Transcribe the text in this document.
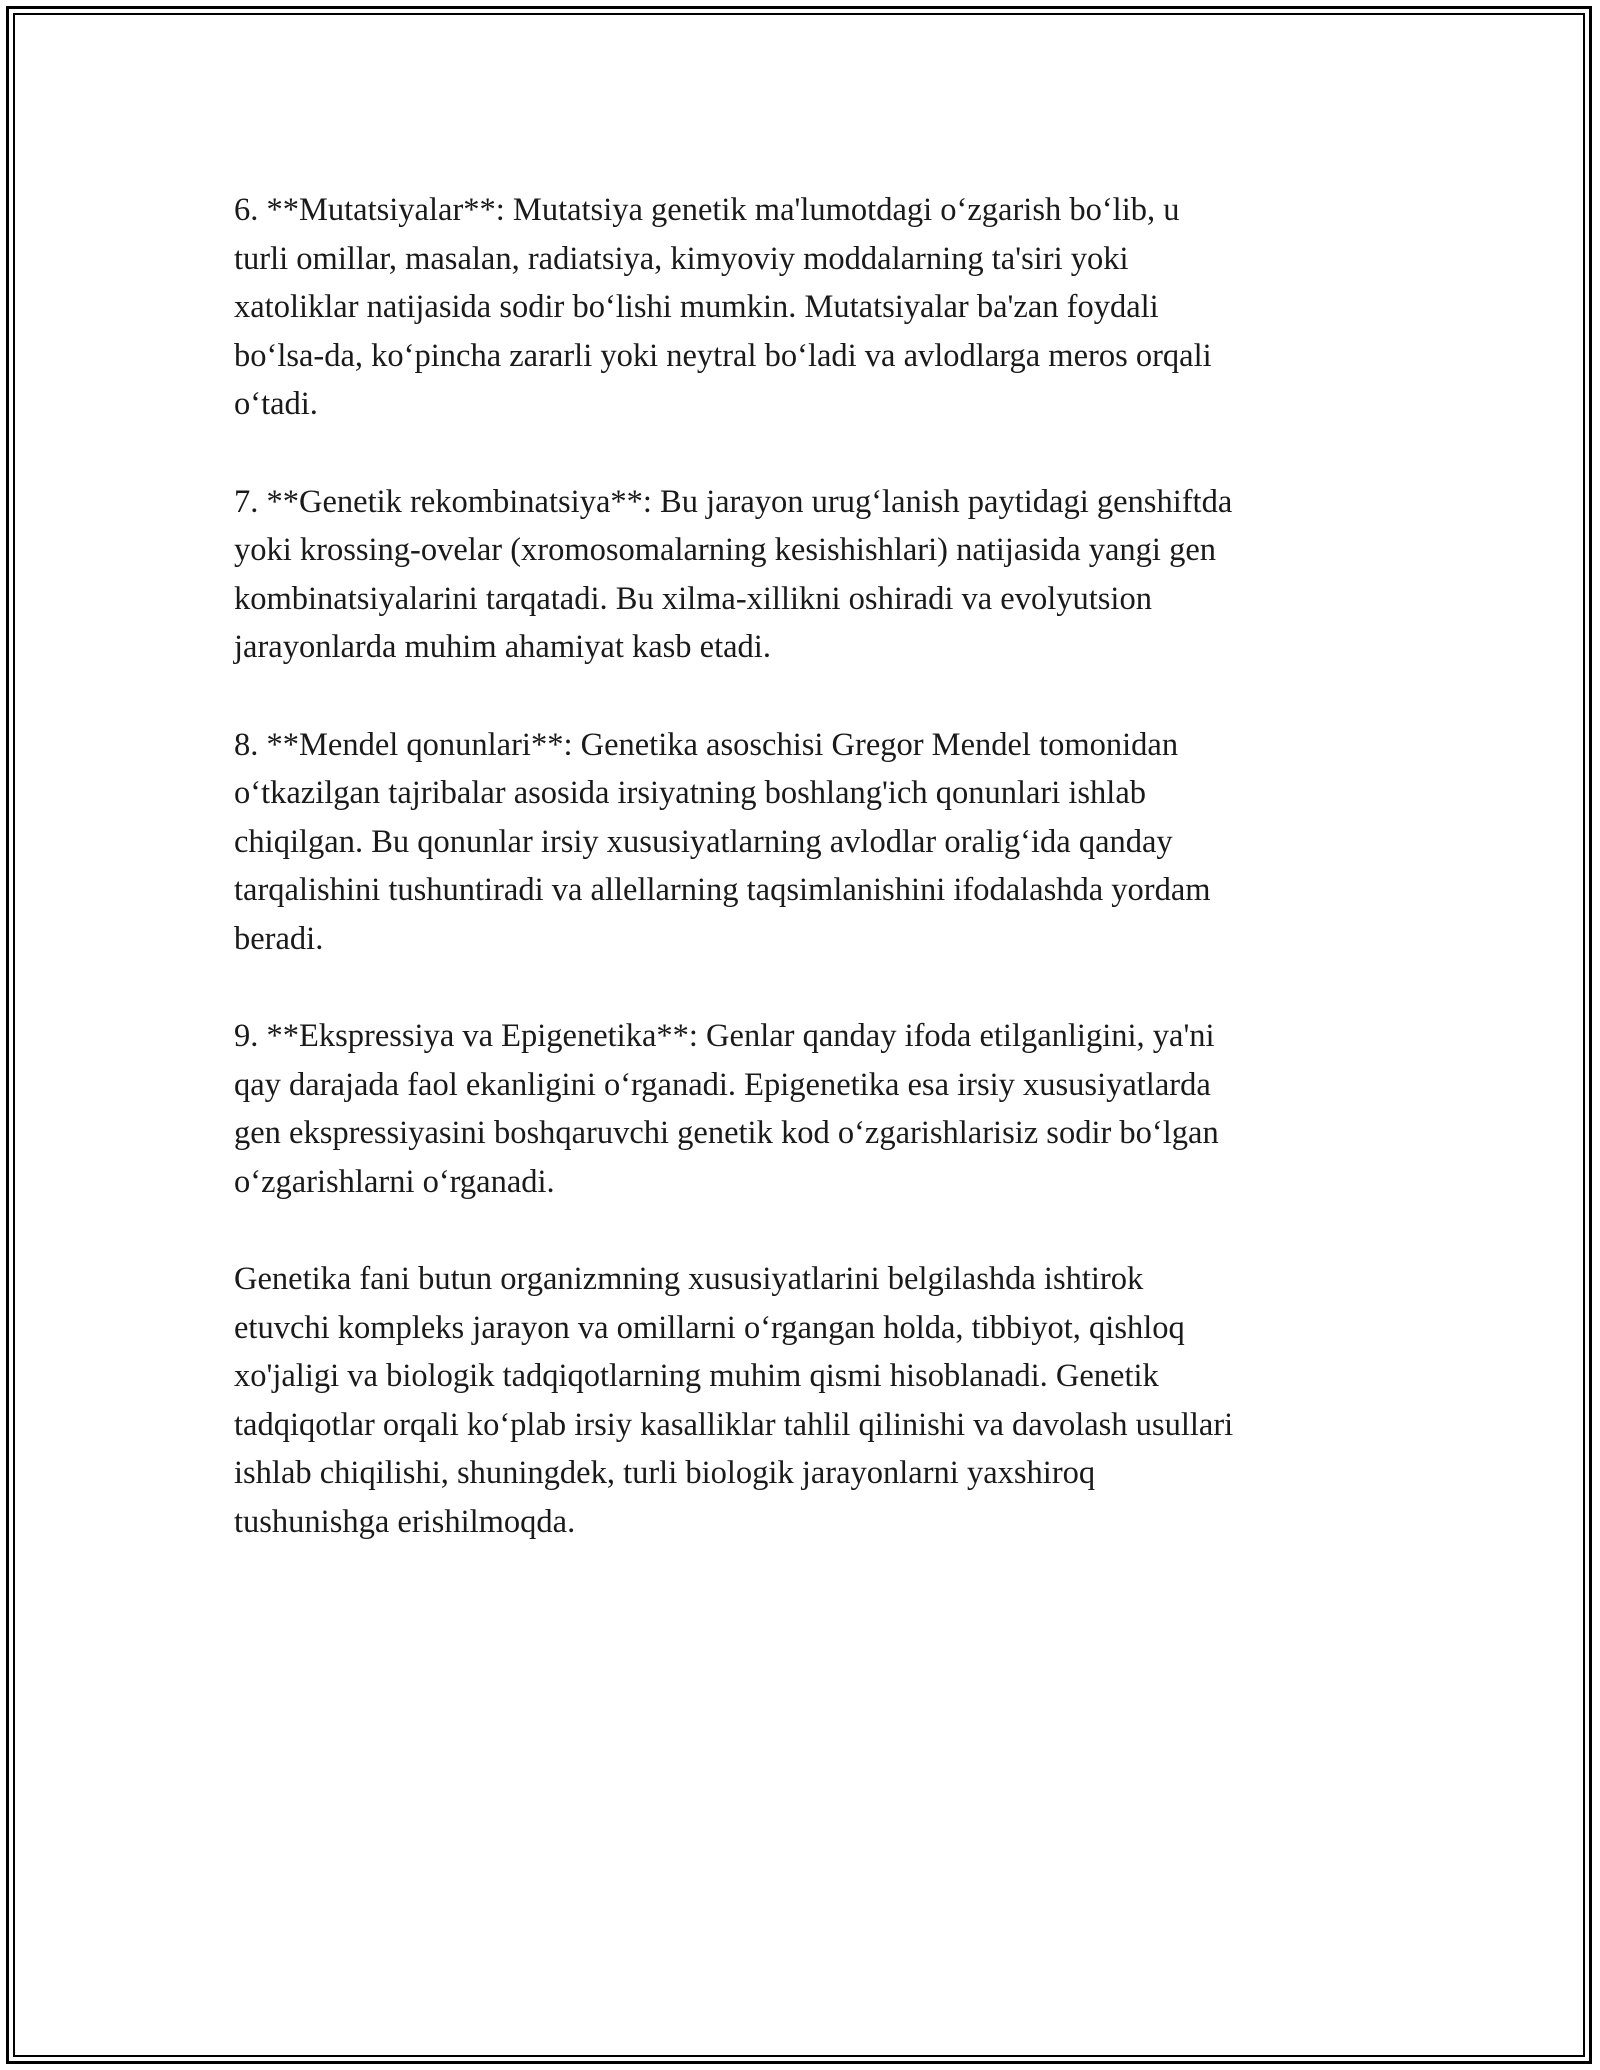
6. **Mutatsiyalar**: Mutatsiya genetik ma'lumotdagi o‘zgarish bo‘lib, u
turli omillar, masalan, radiatsiya, kimyoviy moddalarning ta'siri yoki
xatoliklar natijasida sodir bo‘lishi mumkin. Mutatsiyalar ba'zan foydali
bo‘lsa-da, ko‘pincha zararli yoki neytral bo‘ladi va avlodlarga meros orqali
o‘tadi.

7. **Genetik rekombinatsiya**: Bu jarayon urug‘lanish paytidagi genshiftda
yoki krossing-ovelar (xromosomalarning kesishishlari) natijasida yangi gen
kombinatsiyalarini tarqatadi. Bu xilma-xillikni oshiradi va evolyutsion
jarayonlarda muhim ahamiyat kasb etadi.

8. **Mendel qonunlari**: Genetika asoschisi Gregor Mendel tomonidan
o‘tkazilgan tajribalar asosida irsiyatning boshlang'ich qonunlari ishlab
chiqilgan. Bu qonunlar irsiy xususiyatlarning avlodlar oralig‘ida qanday
tarqalishini tushuntiradi va allellarning taqsimlanishini ifodalashda yordam
beradi.

9. **Ekspressiya va Epigenetika**: Genlar qanday ifoda etilganligini, ya'ni
qay darajada faol ekanligini o‘rganadi. Epigenetika esa irsiy xususiyatlarda
gen ekspressiyasini boshqaruvchi genetik kod o‘zgarishlarisiz sodir bo‘lgan
o‘zgarishlarni o‘rganadi.

Genetika fani butun organizmning xususiyatlarini belgilashda ishtirok
etuvchi kompleks jarayon va omillarni o‘rgangan holda, tibbiyot, qishloq
xo'jaligi va biologik tadqiqotlarning muhim qismi hisoblanadi. Genetik
tadqiqotlar orqali ko‘plab irsiy kasalliklar tahlil qilinishi va davolash usullari
ishlab chiqilishi, shuningdek, turli biologik jarayonlarni yaxshiroq
tushunishga erishilmoqda.
